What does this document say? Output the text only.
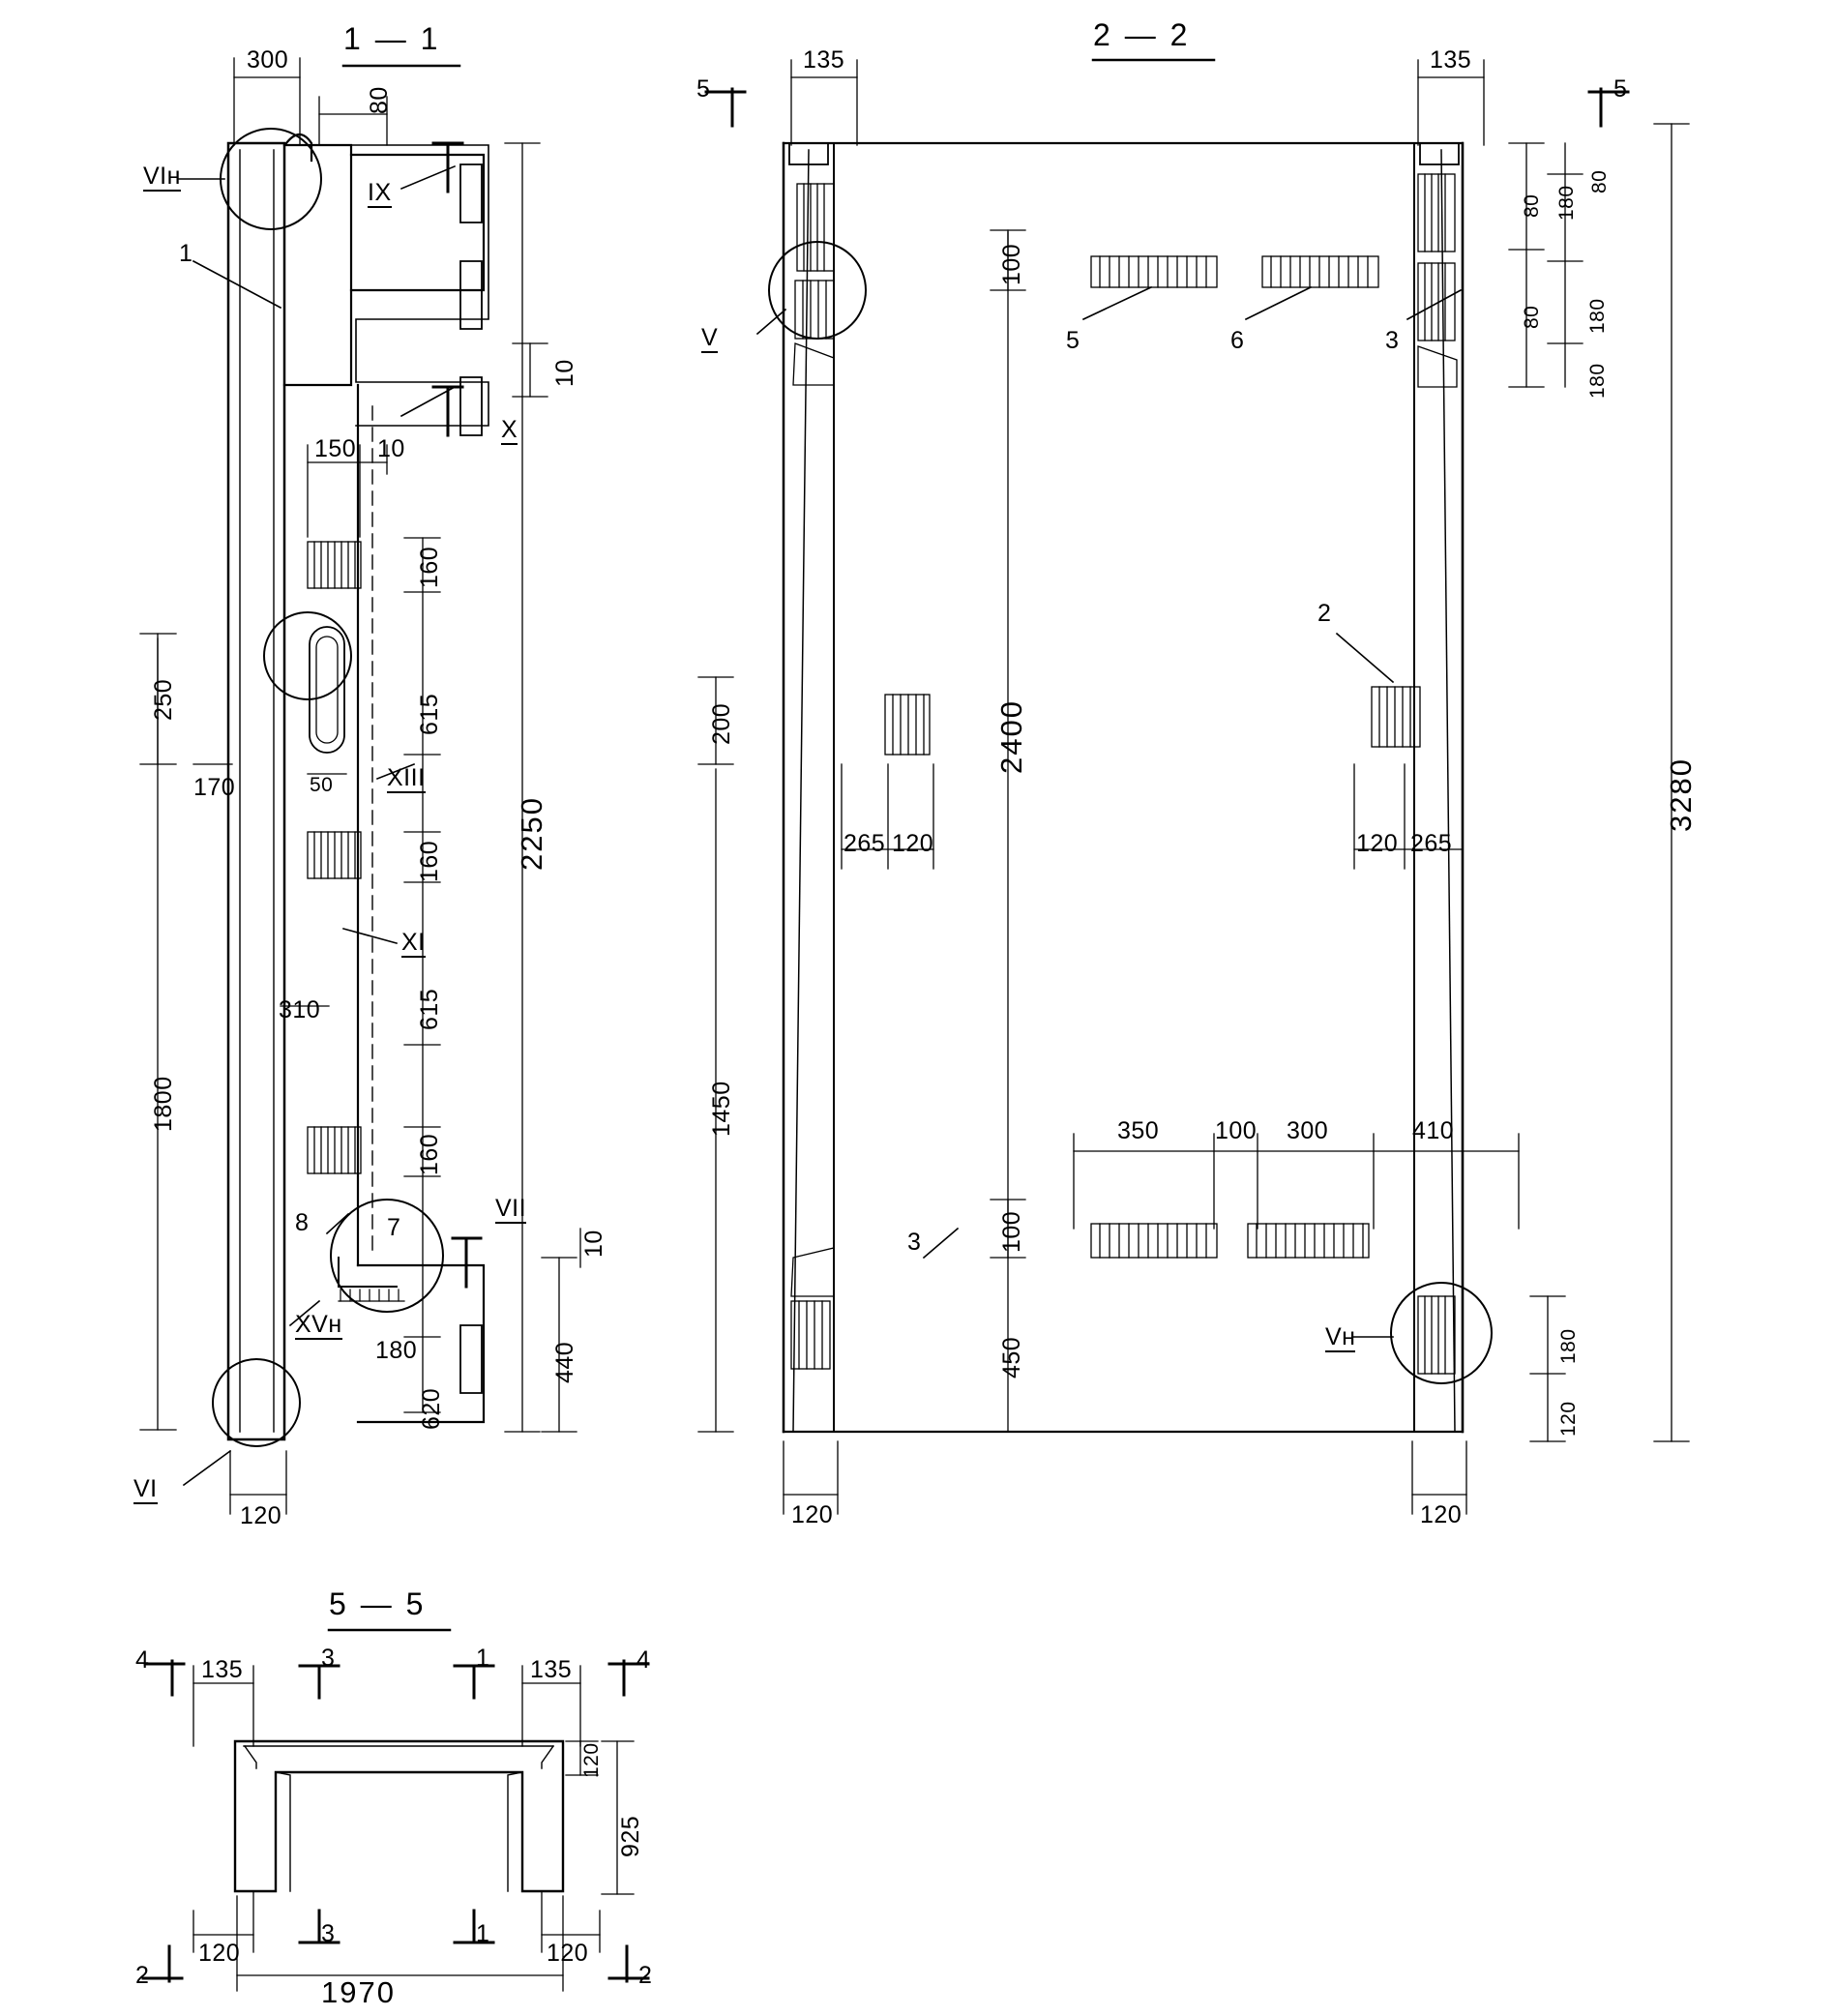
1 — 1	2 — 2
5 — 5
300
80
10
150 10
250
170
1800
310
160
615
160
615
160
180
620
2250
440
10
120
50
1
7
8
VIн
IX
X
XIII
XI
VII
XVн
VI
135	135
5	5
180
80
80
180
80
180
3280
180
120
200
1450
100
450
100
2400
265 120	120 265
350 100 300	410
120	120
5	6	3
2
3
V
Vн
135	135
120
925
120
1970
120
4	3	1	4
3	1
2	2
